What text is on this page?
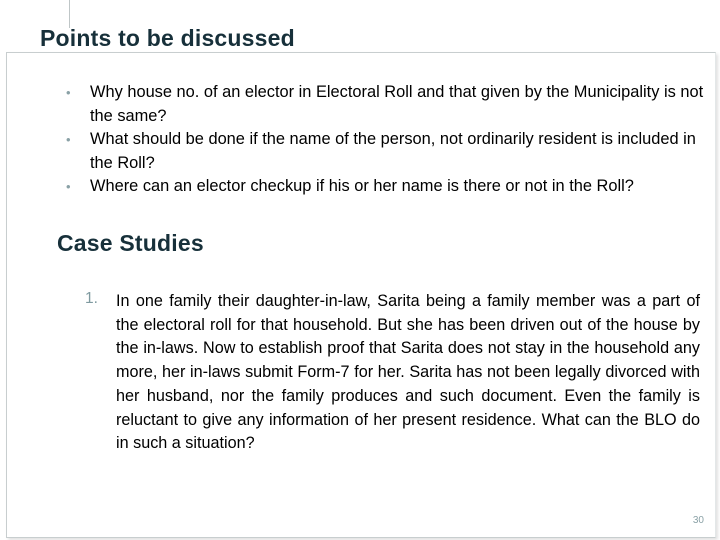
Points to be discussed
• Why house no. of an elector in Electoral Roll and that given by the Municipality is not the same?
• What should be done if the name of the person, not ordinarily resident is included in the Roll?
• Where can an elector checkup if his or her name is there or not in the Roll?
Case Studies
1. In one family their daughter-in-law, Sarita being a family member was a part of the electoral roll for that household. But she has been driven out of the house by the in-laws. Now to establish proof that Sarita does not stay in the household any more, her in-laws submit Form-7 for her. Sarita has not been legally divorced with her husband, nor the family produces and such document. Even the family is reluctant to give any information of her present residence. What can the BLO do in such a situation?
30
